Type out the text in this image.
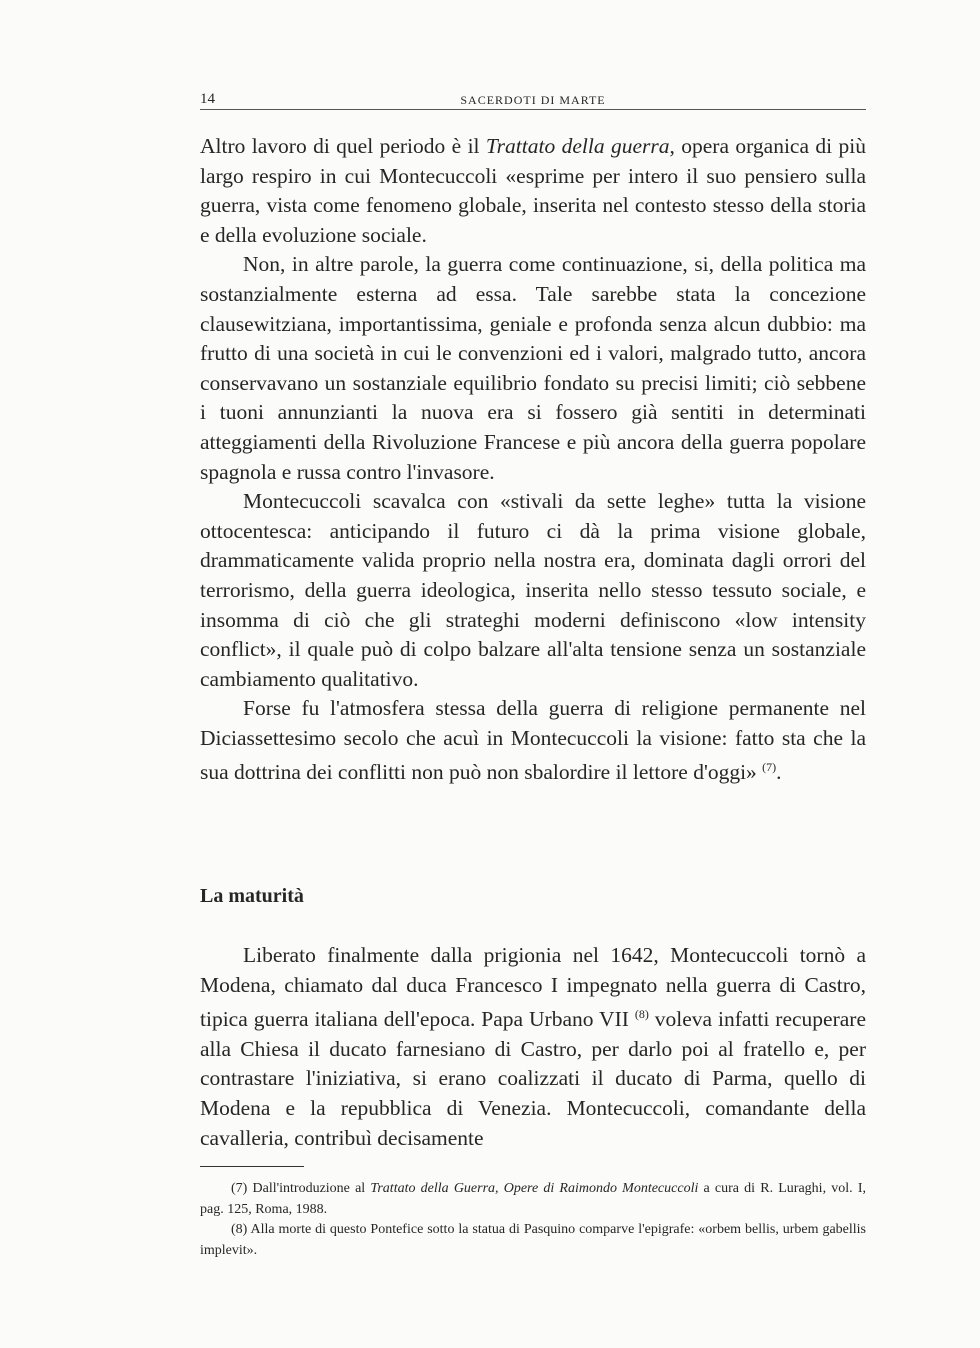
14	SACERDOTI DI MARTE

Altro lavoro di quel periodo è il Trattato della guerra, opera organica di più largo respiro in cui Montecuccoli «esprime per intero il suo pensiero sulla guerra, vista come fenomeno globale, inserita nel contesto stesso della storia e della evoluzione sociale.

Non, in altre parole, la guerra come continuazione, si, della politica ma sostanzialmente esterna ad essa. Tale sarebbe stata la concezione clausewitziana, importantissima, geniale e profonda senza alcun dubbio: ma frutto di una società in cui le convenzioni ed i valori, malgrado tutto, ancora conservavano un sostanziale equilibrio fondato su precisi limiti; ciò sebbene i tuoni annunzianti la nuova era si fossero già sentiti in determinati atteggiamenti della Rivoluzione Francese e più ancora della guerra popolare spagnola e russa contro l'invasore.

Montecuccoli scavalca con «stivali da sette leghe» tutta la visione ottocentesca: anticipando il futuro ci dà la prima visione globale, drammaticamente valida proprio nella nostra era, dominata dagli orrori del terrorismo, della guerra ideologica, inserita nello stesso tessuto sociale, e insomma di ciò che gli strateghi moderni definiscono «low intensity conflict», il quale può di colpo balzare all'alta tensione senza un sostanziale cambiamento qualitativo.

Forse fu l'atmosfera stessa della guerra di religione permanente nel Diciassettesimo secolo che acuì in Montecuccoli la visione: fatto sta che la sua dottrina dei conflitti non può non sbalordire il lettore d'oggi» $^{(7)}$.

La maturità

Liberato finalmente dalla prigionia nel 1642, Montecuccoli tornò a Modena, chiamato dal duca Francesco I impegnato nella guerra di Castro, tipica guerra italiana dell'epoca. Papa Urbano VII $^{(8)}$ voleva infatti recuperare alla Chiesa il ducato farnesiano di Castro, per darlo poi al fratello e, per contrastare l'iniziativa, si erano coalizzati il ducato di Parma, quello di Modena e la repubblica di Venezia. Montecuccoli, comandante della cavalleria, contribuì decisamente

(7) Dall'introduzione al Trattato della Guerra, Opere di Raimondo Montecuccoli a cura di R. Luraghi, vol. I, pag. 125, Roma, 1988.

(8) Alla morte di questo Pontefice sotto la statua di Pasquino comparve l'epigrafe: «orbem bellis, urbem gabellis implevit».
